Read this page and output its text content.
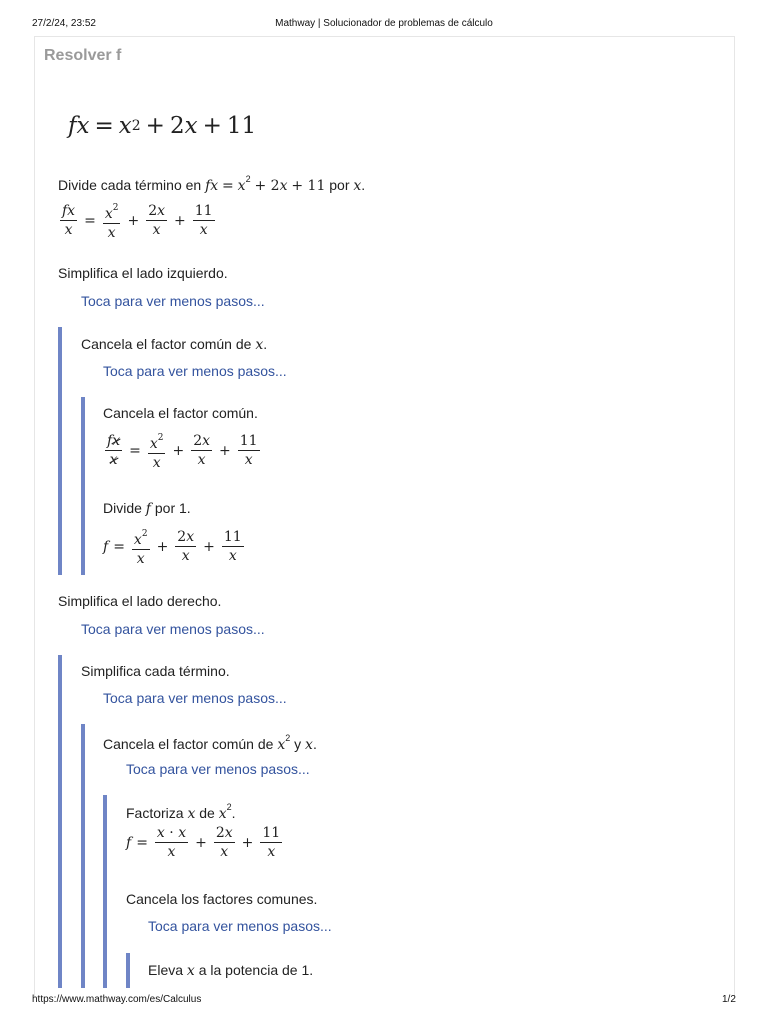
27/2/24, 23:52	Mathway | Solucionador de problemas de cálculo
Resolver f
fx = x 2 + 2 x + 11
Divide cada término en fx = $x^2 + 2x + 11$ por x.
$\frac{fx}{x} = \frac{x^2}{x} + \frac{2x}{x} + \frac{11}{x}$
Simplifica el lado izquierdo.
Toca para ver menos pasos...
Cancela el factor común de x.
Toca para ver menos pasos...
Cancela el factor común.
$\frac{fx}{x} = \frac{x^2}{x} + \frac{2x}{x} + \frac{11}{x}$
Divide f por 1.
$f = \frac{x^2}{x} + \frac{2x}{x} + \frac{11}{x}$
Simplifica el lado derecho.
Toca para ver menos pasos...
Simplifica cada término.
Toca para ver menos pasos...
Cancela el factor común de $x^2$ y x.
Toca para ver menos pasos...
Factoriza x de $x^2$.
$f = \frac{x \cdot x}{x} + \frac{2x}{x} + \frac{11}{x}$
Cancela los factores comunes.
Toca para ver menos pasos...
Eleva x a la potencia de 1.
https://www.mathway.com/es/Calculus	1/2
